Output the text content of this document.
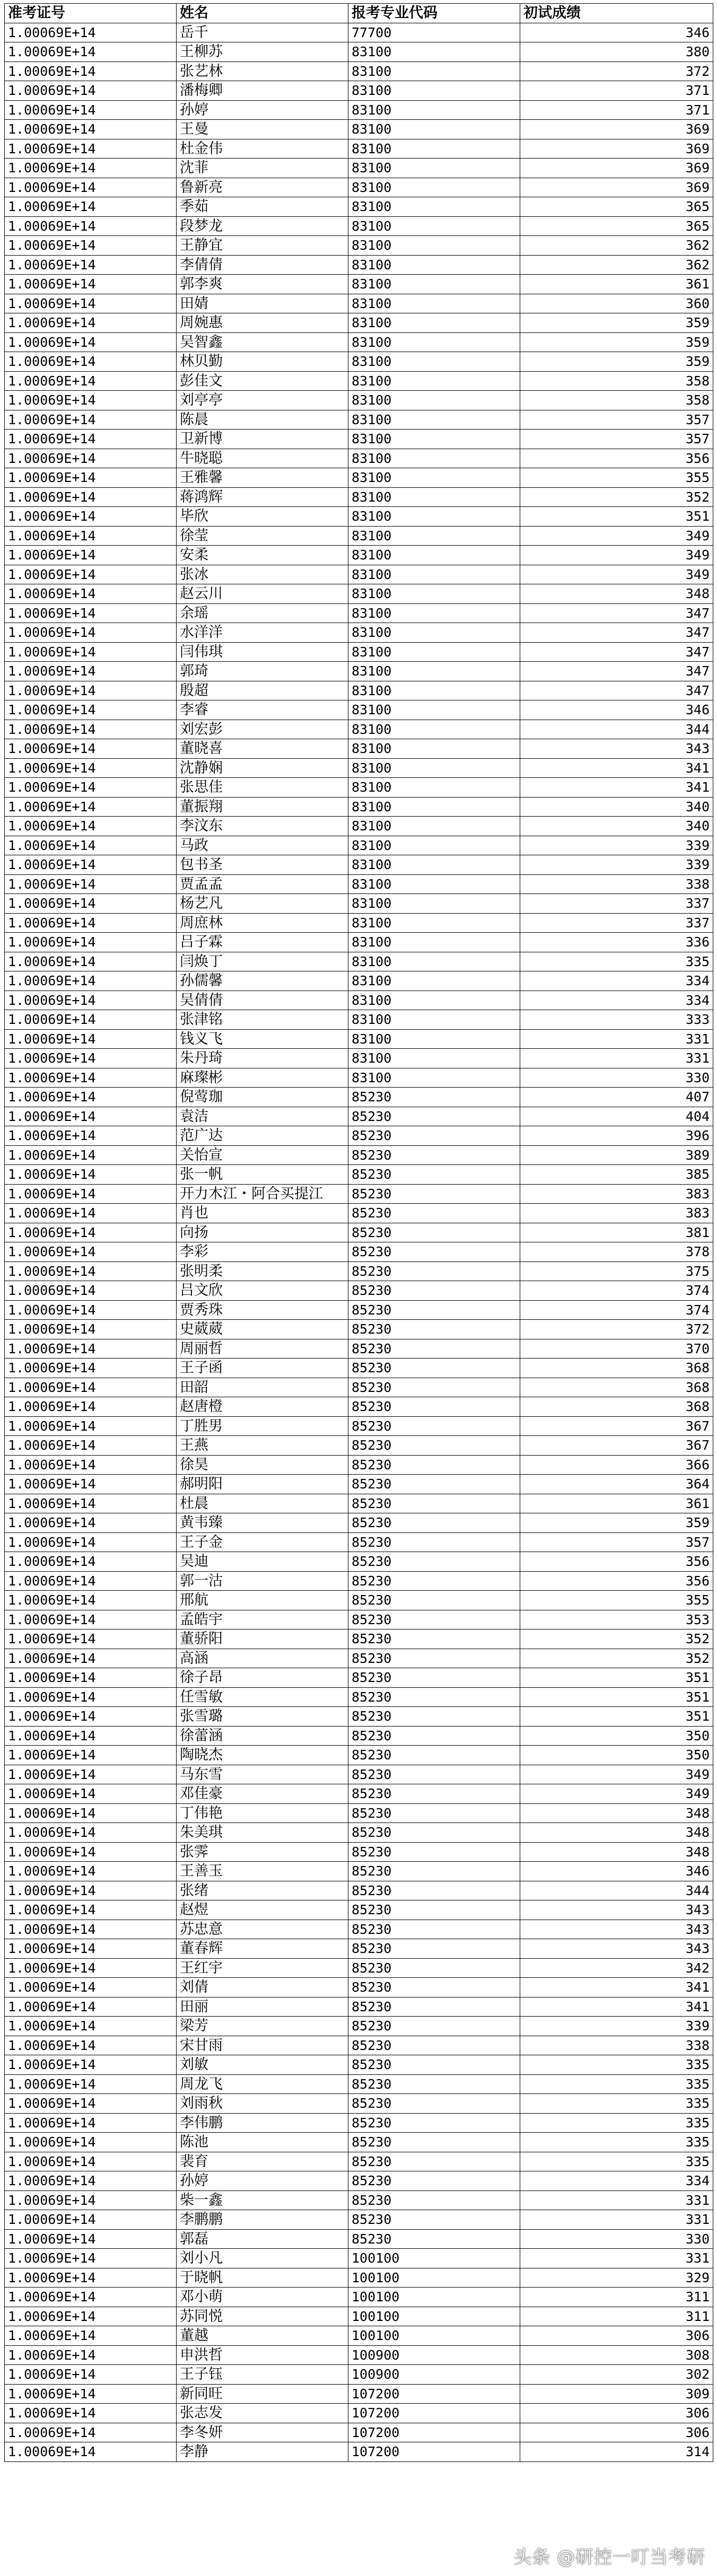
准考证号	姓名	报考专业代码	初试成绩
1.00069E+14	岳千	77700	346
1.00069E+14	王柳苏	83100	380
1.00069E+14	张艺林	83100	372
1.00069E+14	潘梅卿	83100	371
1.00069E+14	孙婷	83100	371
1.00069E+14	王曼	83100	369
1.00069E+14	杜金伟	83100	369
1.00069E+14	沈菲	83100	369
1.00069E+14	鲁新亮	83100	369
1.00069E+14	季茹	83100	365
1.00069E+14	段梦龙	83100	365
1.00069E+14	王静宜	83100	362
1.00069E+14	李倩倩	83100	362
1.00069E+14	郭李爽	83100	361
1.00069E+14	田婧	83100	360
1.00069E+14	周婉惠	83100	359
1.00069E+14	吴智鑫	83100	359
1.00069E+14	林贝勤	83100	359
1.00069E+14	彭佳文	83100	358
1.00069E+14	刘亭亭	83100	358
1.00069E+14	陈晨	83100	357
1.00069E+14	卫新博	83100	357
1.00069E+14	牛晓聪	83100	356
1.00069E+14	王雅馨	83100	355
1.00069E+14	蒋鸿辉	83100	352
1.00069E+14	毕欣	83100	351
1.00069E+14	徐莹	83100	349
1.00069E+14	安柔	83100	349
1.00069E+14	张冰	83100	349
1.00069E+14	赵云川	83100	348
1.00069E+14	余瑶	83100	347
1.00069E+14	水洋洋	83100	347
1.00069E+14	闫伟琪	83100	347
1.00069E+14	郭琦	83100	347
1.00069E+14	殷超	83100	347
1.00069E+14	李睿	83100	346
1.00069E+14	刘宏彭	83100	344
1.00069E+14	董晓喜	83100	343
1.00069E+14	沈静娴	83100	341
1.00069E+14	张思佳	83100	341
1.00069E+14	董振翔	83100	340
1.00069E+14	李汶东	83100	340
1.00069E+14	马政	83100	339
1.00069E+14	包书圣	83100	339
1.00069E+14	贾孟孟	83100	338
1.00069E+14	杨艺凡	83100	337
1.00069E+14	周庶林	83100	337
1.00069E+14	吕子霖	83100	336
1.00069E+14	闫焕丁	83100	335
1.00069E+14	孙儒馨	83100	334
1.00069E+14	吴倩倩	83100	334
1.00069E+14	张津铭	83100	333
1.00069E+14	钱义飞	83100	331
1.00069E+14	朱丹琦	83100	331
1.00069E+14	麻璨彬	83100	330
1.00069E+14	倪莺珈	85230	407
1.00069E+14	袁洁	85230	404
1.00069E+14	范广达	85230	396
1.00069E+14	关怡宣	85230	389
1.00069E+14	张一帆	85230	385
1.00069E+14	开力木江・阿合买提江	85230	383
1.00069E+14	肖也	85230	383
1.00069E+14	向扬	85230	381
1.00069E+14	李彩	85230	378
1.00069E+14	张明柔	85230	375
1.00069E+14	吕文欣	85230	374
1.00069E+14	贾秀珠	85230	374
1.00069E+14	史葳葳	85230	372
1.00069E+14	周丽哲	85230	370
1.00069E+14	王子函	85230	368
1.00069E+14	田韶	85230	368
1.00069E+14	赵唐橙	85230	368
1.00069E+14	丁胜男	85230	367
1.00069E+14	王燕	85230	367
1.00069E+14	徐昊	85230	366
1.00069E+14	郝明阳	85230	364
1.00069E+14	杜晨	85230	361
1.00069E+14	黄韦臻	85230	359
1.00069E+14	王子金	85230	357
1.00069E+14	吴迪	85230	356
1.00069E+14	郭一沽	85230	356
1.00069E+14	邢航	85230	355
1.00069E+14	孟皓宇	85230	353
1.00069E+14	董骄阳	85230	352
1.00069E+14	高涵	85230	352
1.00069E+14	徐子昂	85230	351
1.00069E+14	任雪敏	85230	351
1.00069E+14	张雪璐	85230	351
1.00069E+14	徐蕾涵	85230	350
1.00069E+14	陶晓杰	85230	350
1.00069E+14	马东雪	85230	349
1.00069E+14	邓佳豪	85230	349
1.00069E+14	丁伟艳	85230	348
1.00069E+14	朱美琪	85230	348
1.00069E+14	张霁	85230	348
1.00069E+14	王善玉	85230	346
1.00069E+14	张绪	85230	344
1.00069E+14	赵煜	85230	343
1.00069E+14	苏忠意	85230	343
1.00069E+14	董春辉	85230	343
1.00069E+14	王红宇	85230	342
1.00069E+14	刘倩	85230	341
1.00069E+14	田丽	85230	341
1.00069E+14	梁芳	85230	339
1.00069E+14	宋甘雨	85230	338
1.00069E+14	刘敏	85230	335
1.00069E+14	周龙飞	85230	335
1.00069E+14	刘雨秋	85230	335
1.00069E+14	李伟鹏	85230	335
1.00069E+14	陈池	85230	335
1.00069E+14	裴育	85230	335
1.00069E+14	孙婷	85230	334
1.00069E+14	柴一鑫	85230	331
1.00069E+14	李鹏鹏	85230	331
1.00069E+14	郭磊	85230	330
1.00069E+14	刘小凡	100100	331
1.00069E+14	于晓帆	100100	329
1.00069E+14	邓小萌	100100	311
1.00069E+14	苏同悦	100100	311
1.00069E+14	董越	100100	306
1.00069E+14	申洪哲	100900	308
1.00069E+14	王子钰	100900	302
1.00069E+14	新同旺	107200	309
1.00069E+14	张志发	107200	306
1.00069E+14	李冬妍	107200	306
1.00069E+14	李静	107200	314
头条 @研控一叮当考研
